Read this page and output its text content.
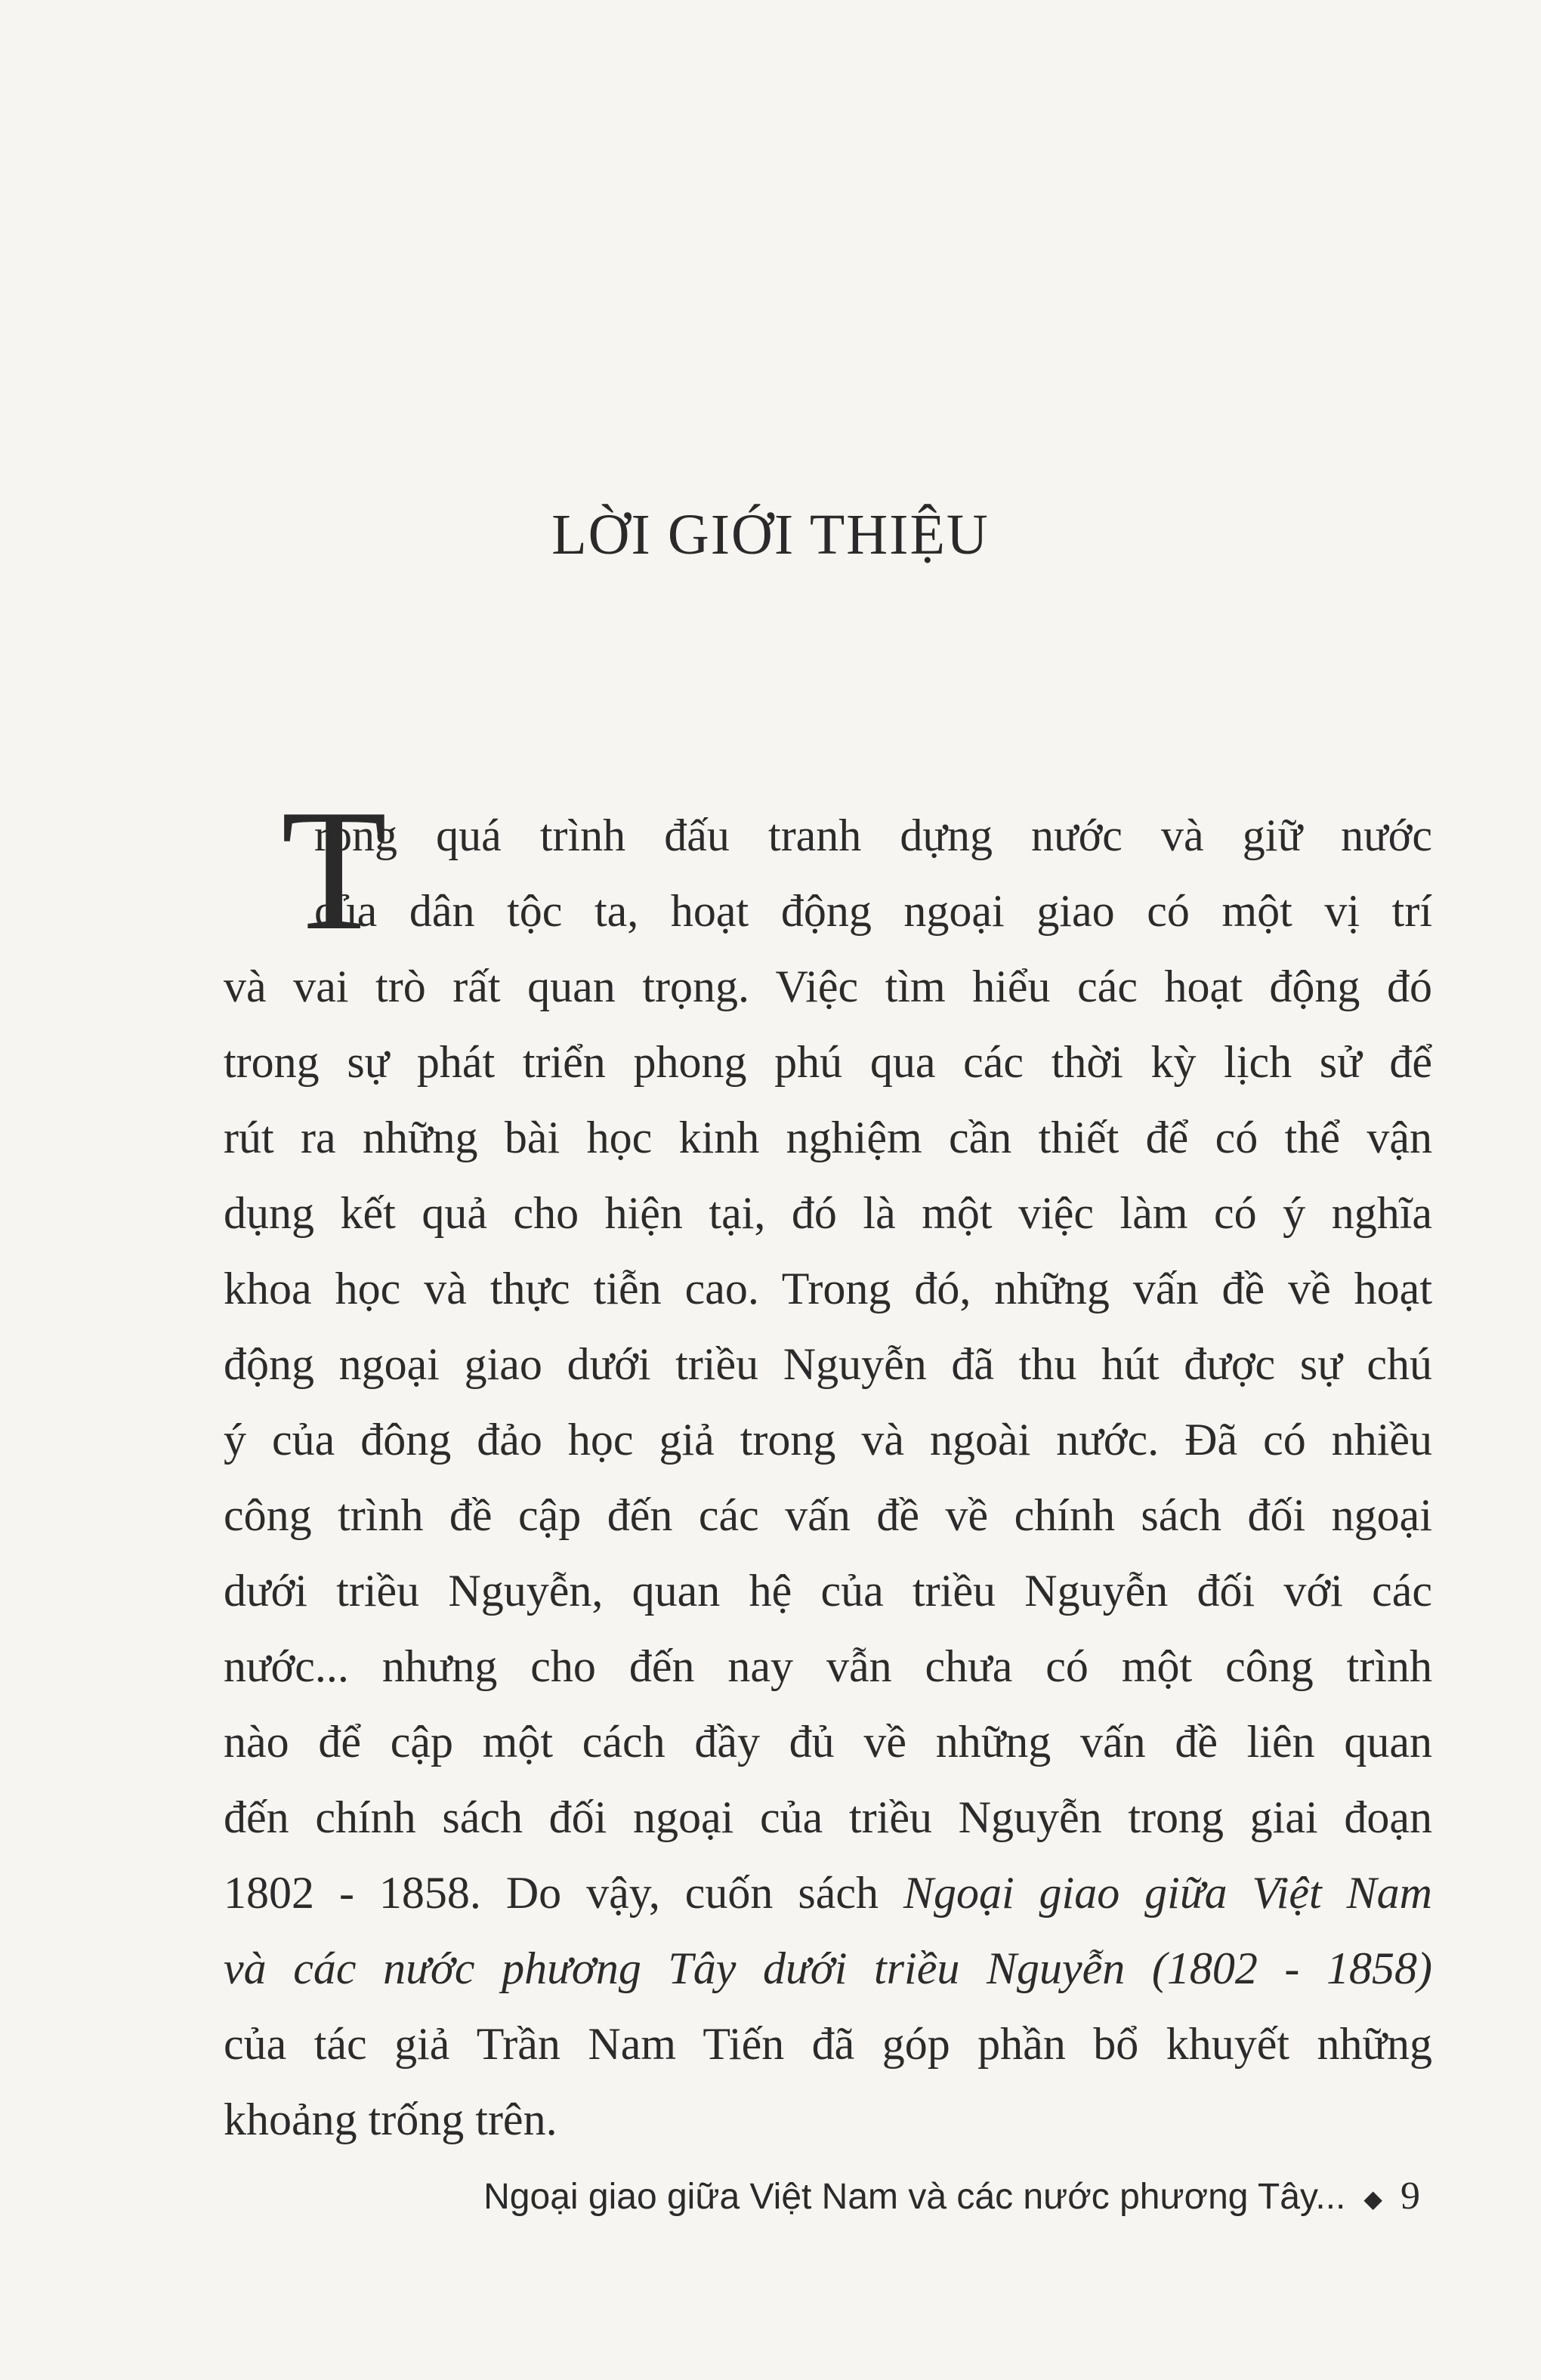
LỜI GIỚI THIỆU
T
rong quá trình đấu tranh dựng nước và giữ nước
của dân tộc ta, hoạt động ngoại giao có một vị trí
và vai trò rất quan trọng. Việc tìm hiểu các hoạt động đó
trong sự phát triển phong phú qua các thời kỳ lịch sử để
rút ra những bài học kinh nghiệm cần thiết để có thể vận
dụng kết quả cho hiện tại, đó là một việc làm có ý nghĩa
khoa học và thực tiễn cao. Trong đó, những vấn đề về hoạt
động ngoại giao dưới triều Nguyễn đã thu hút được sự chú
ý của đông đảo học giả trong và ngoài nước. Đã có nhiều
công trình đề cập đến các vấn đề về chính sách đối ngoại
dưới triều Nguyễn, quan hệ của triều Nguyễn đối với các
nước... nhưng cho đến nay vẫn chưa có một công trình
nào để cập một cách đầy đủ về những vấn đề liên quan
đến chính sách đối ngoại của triều Nguyễn trong giai đoạn
1802 - 1858. Do vậy, cuốn sách Ngoại giao giữa Việt Nam
và các nước phương Tây dưới triều Nguyễn (1802 - 1858)
của tác giả Trần Nam Tiến đã góp phần bổ khuyết những
khoảng trống trên.
Ngoại giao giữa Việt Nam và các nước phương Tây... ◆ 9
